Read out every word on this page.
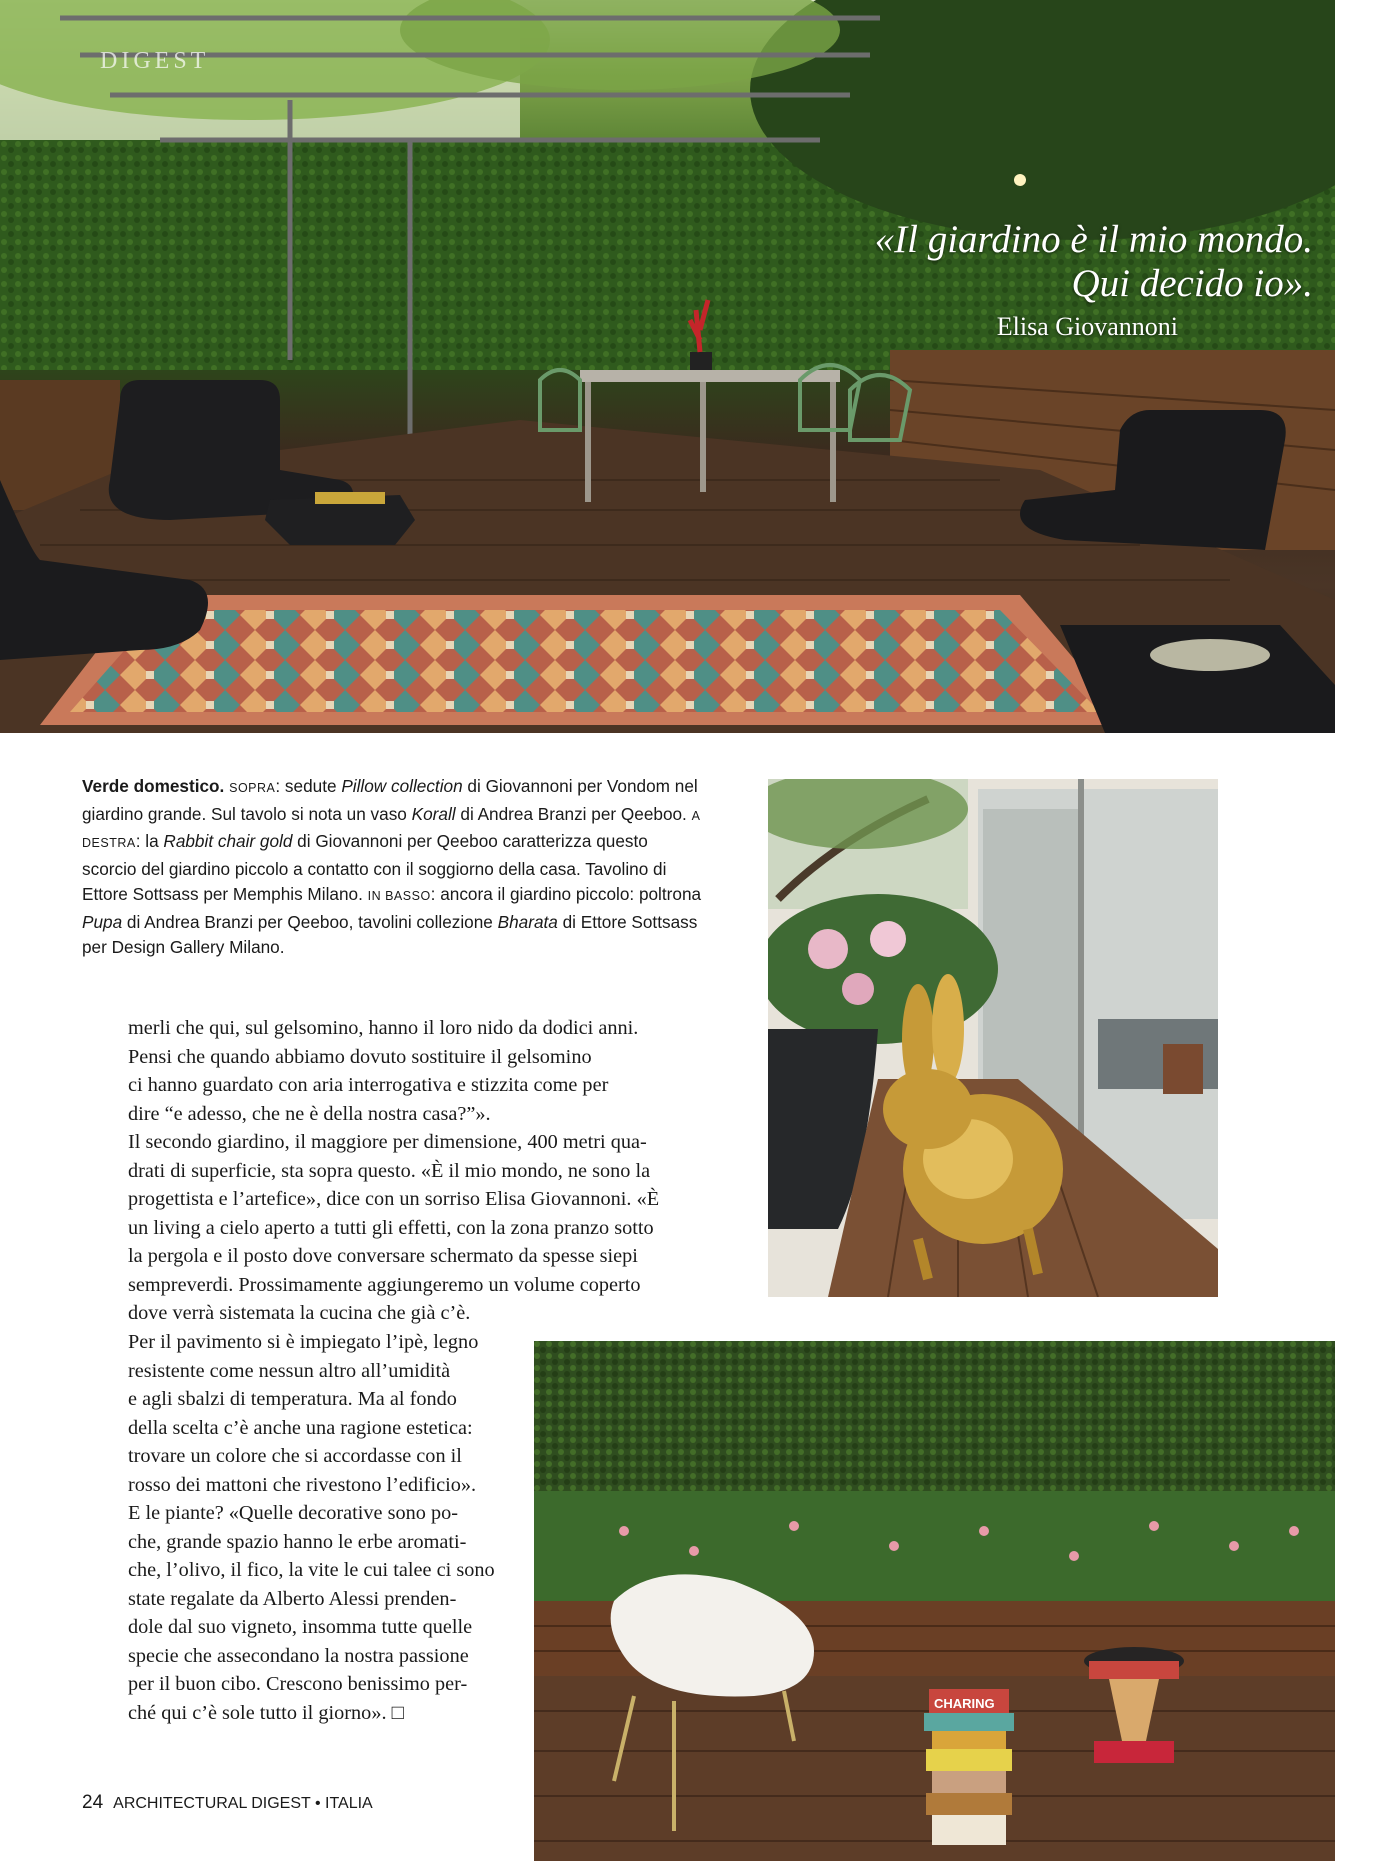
DIGEST
«Il giardino è il mio mondo.
Qui decido io».
Elisa Giovannoni
Verde domestico. SOPRA: sedute Pillow collection di Giovannoni per Vondom nel giardino grande. Sul tavolo si nota un vaso Korall di Andrea Branzi per Qeeboo. A DESTRA: la Rabbit chair gold di Giovannoni per Qeeboo caratterizza questo scorcio del giardino piccolo a contatto con il soggiorno della casa. Tavolino di Ettore Sottsass per Memphis Milano. IN BASSO: ancora il giardino piccolo: poltrona Pupa di Andrea Branzi per Qeeboo, tavolini collezione Bharata di Ettore Sottsass per Design Gallery Milano.

merli che qui, sul gelsomino, hanno il loro nido da dodici anni.

Pensi che quando abbiamo dovuto sostituire il gelsomino

ci hanno guardato con aria interrogativa e stizzita come per

dire “e adesso, che ne è della nostra casa?”».

Il secondo giardino, il maggiore per dimensione, 400 metri qua-

drati di superficie, sta sopra questo. «È il mio mondo, ne sono la

progettista e l’artefice», dice con un sorriso Elisa Giovannoni. «È

un living a cielo aperto a tutti gli effetti, con la zona pranzo sotto

la pergola e il posto dove conversare schermato da spesse siepi

sempreverdi. Prossimamente aggiungeremo un volume coperto

dove verrà sistemata la cucina che già c’è.

Per il pavimento si è impiegato l’ipè, legno

resistente come nessun altro all’umidità

e agli sbalzi di temperatura. Ma al fondo

della scelta c’è anche una ragione estetica:

trovare un colore che si accordasse con il

rosso dei mattoni che rivestono l’edificio».

E le piante? «Quelle decorative sono po-

che, grande spazio hanno le erbe aromati-

che, l’olivo, il fico, la vite le cui talee ci sono

state regalate da Alberto Alessi prenden-

dole dal suo vigneto, insomma tutte quelle

specie che assecondano la nostra passione

per il buon cibo. Crescono benissimo per-

ché qui c’è sole tutto il giorno». □	CHARING
24 ARCHITECTURAL DIGEST • ITALIA
